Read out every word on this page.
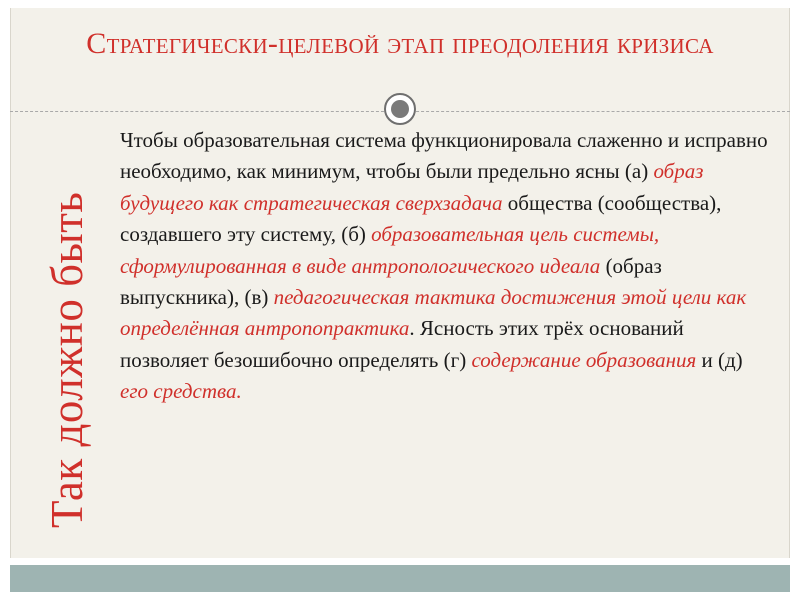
Стратегически-целевой этап преодоления кризиса
Так должно быть
Чтобы образовательная система функционировала слаженно и исправно необходимо, как минимум, чтобы были предельно ясны (а) образ будущего как стратегическая сверхзадача общества (сообщества), создавшего эту систему, (б) образовательная цель системы, сформулированная в виде антропологического идеала (образ выпускника), (в) педагогическая тактика достижения этой цели как определённая антропопрактика. Ясность этих трёх оснований позволяет безошибочно определять (г) содержание образования и (д) его средства.
